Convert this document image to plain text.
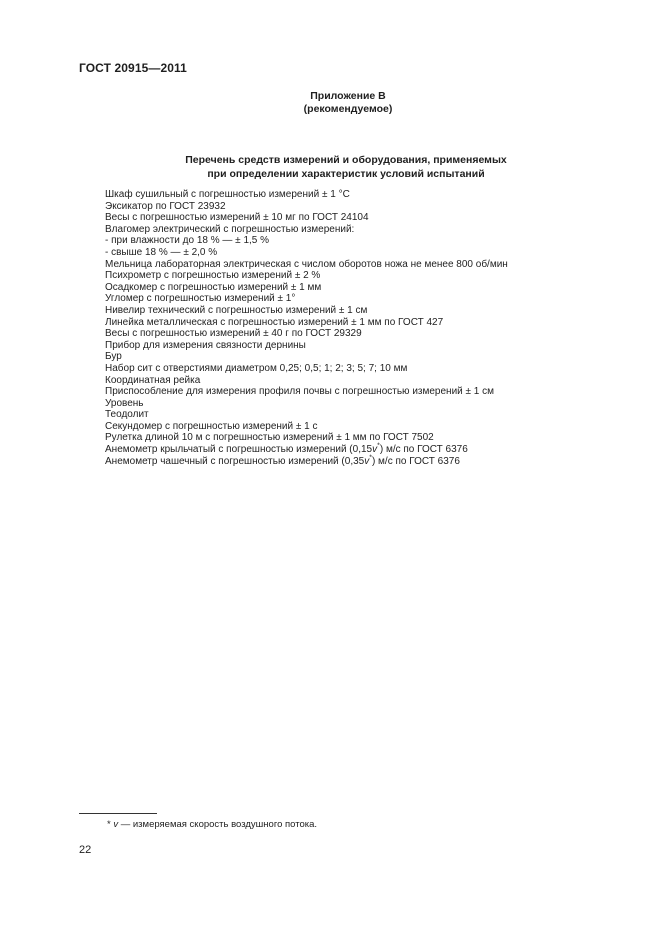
ГОСТ 20915—2011
Приложение В
(рекомендуемое)
Перечень средств измерений и оборудования, применяемых
при определении характеристик условий испытаний
Шкаф сушильный с погрешностью измерений ± 1 °С
Эксикатор по ГОСТ 23932
Весы с погрешностью измерений ± 10 мг по ГОСТ 24104
Влагомер электрический с погрешностью измерений:
- при влажности до 18 % — ± 1,5 %
- свыше 18 % — ± 2,0 %
Мельница лабораторная электрическая с числом оборотов ножа не менее 800 об/мин
Психрометр с погрешностью измерений ± 2 %
Осадкомер с погрешностью измерений ± 1 мм
Угломер с погрешностью измерений ± 1°
Нивелир технический с погрешностью измерений ± 1 см
Линейка металлическая с погрешностью измерений ± 1 мм по ГОСТ 427
Весы с погрешностью измерений ± 40 г по ГОСТ 29329
Прибор для измерения связности дернины
Бур
Набор сит с отверстиями диаметром 0,25; 0,5; 1; 2; 3; 5; 7; 10 мм
Координатная рейка
Приспособление для измерения профиля почвы с погрешностью измерений ± 1 см
Уровень
Теодолит
Секундомер с погрешностью измерений ± 1 с
Рулетка длиной 10 м с погрешностью измерений ± 1 мм по ГОСТ 7502
Анемометр крыльчатый с погрешностью измерений (0,15v*) м/с по ГОСТ 6376
Анемометр чашечный с погрешностью измерений (0,35v*) м/с по ГОСТ 6376
* v — измеряемая скорость воздушного потока.
22
